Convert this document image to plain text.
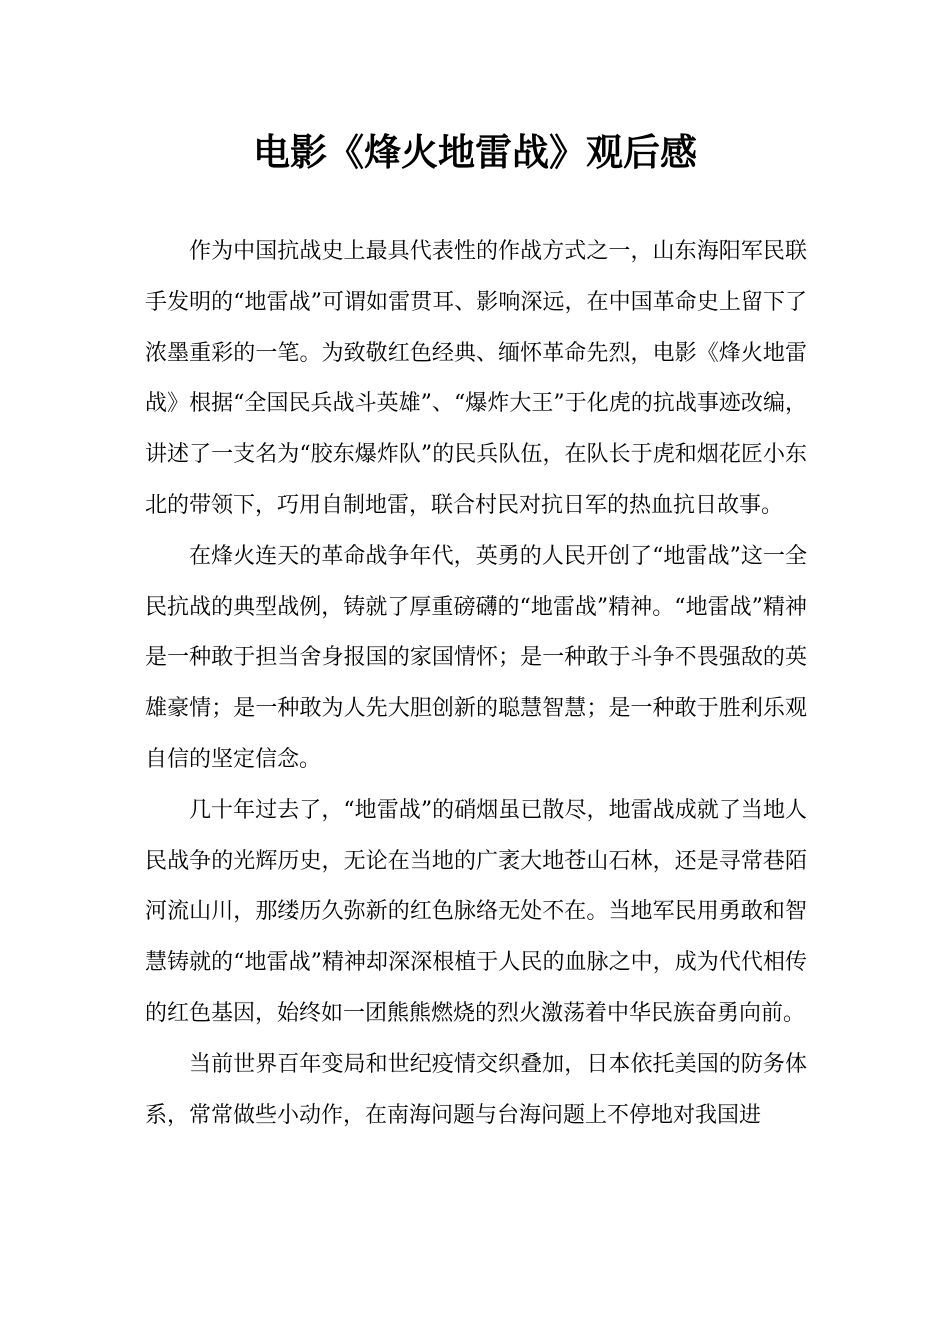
电影《烽火地雷战》观后感

作为中国抗战史上最具代表性的作战方式之一，山东海阳军民联手发明的“地雷战”可谓如雷贯耳、影响深远，在中国革命史上留下了浓墨重彩的一笔。为致敬红色经典、缅怀革命先烈，电影《烽火地雷战》根据“全国民兵战斗英雄”、“爆炸大王”于化虎的抗战事迹改编，讲述了一支名为“胶东爆炸队”的民兵队伍，在队长于虎和烟花匠小东北的带领下，巧用自制地雷，联合村民对抗日军的热血抗日故事。

在烽火连天的革命战争年代，英勇的人民开创了“地雷战”这一全民抗战的典型战例，铸就了厚重磅礴的“地雷战”精神。“地雷战”精神是一种敢于担当舍身报国的家国情怀；是一种敢于斗争不畏强敌的英雄豪情；是一种敢为人先大胆创新的聪慧智慧；是一种敢于胜利乐观自信的坚定信念。

几十年过去了，“地雷战”的硝烟虽已散尽，地雷战成就了当地人民战争的光辉历史，无论在当地的广袤大地苍山石林，还是寻常巷陌河流山川，那缕历久弥新的红色脉络无处不在。当地军民用勇敢和智慧铸就的“地雷战”精神却深深根植于人民的血脉之中，成为代代相传的红色基因，始终如一团熊熊燃烧的烈火激荡着中华民族奋勇向前。

当前世界百年变局和世纪疫情交织叠加，日本依托美国的防务体系，常常做些小动作，在南海问题与台海问题上不停地对我国进
